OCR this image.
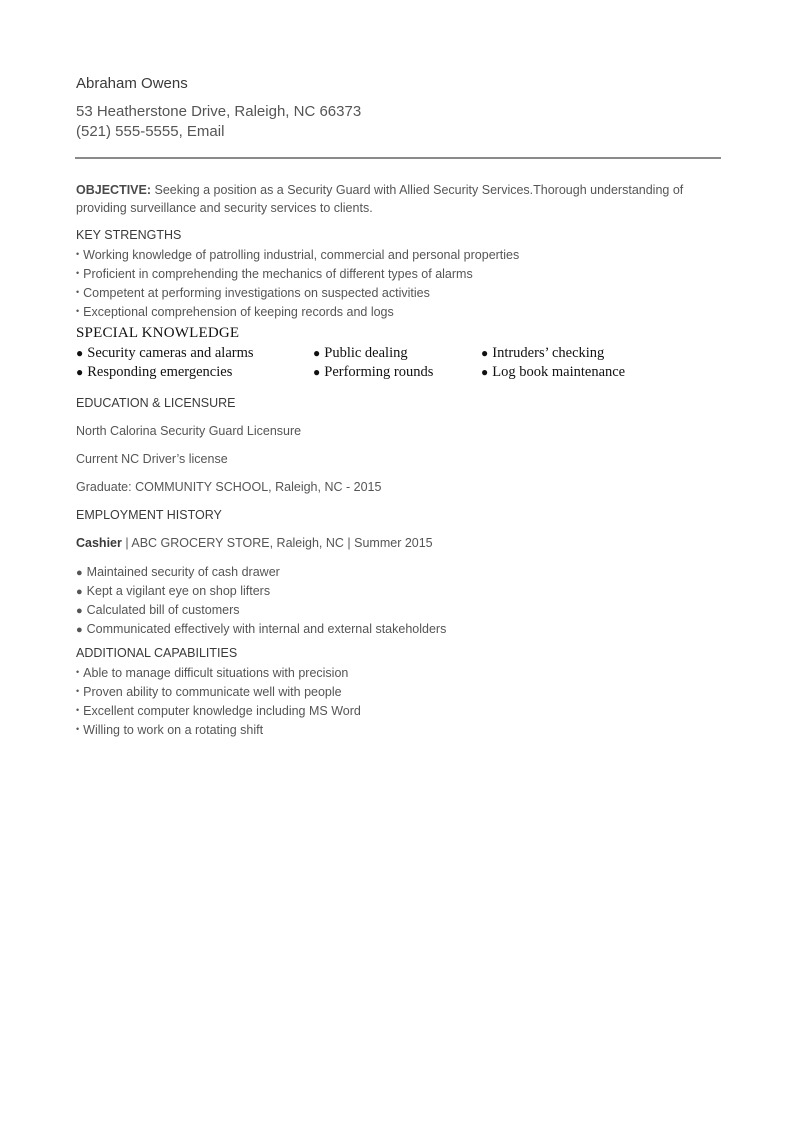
Abraham Owens
53 Heatherstone Drive, Raleigh, NC 66373
(521) 555-5555, Email
OBJECTIVE: Seeking a position as a Security Guard with Allied Security Services.Thorough understanding of providing surveillance and security services to clients.
KEY STRENGTHS
• Working knowledge of patrolling industrial, commercial and personal properties
• Proficient in comprehending the mechanics of different types of alarms
• Competent at performing investigations on suspected activities
• Exceptional comprehension of keeping records and logs
SPECIAL KNOWLEDGE
● Security cameras and alarms	● Public dealing	● Intruders’ checking
● Responding emergencies	● Performing rounds	● Log book maintenance
EDUCATION & LICENSURE
North Calorina Security Guard Licensure
Current NC Driver’s license
Graduate: COMMUNITY SCHOOL, Raleigh, NC - 2015
EMPLOYMENT HISTORY
Cashier | ABC GROCERY STORE, Raleigh, NC | Summer 2015
● Maintained security of cash drawer
● Kept a vigilant eye on shop lifters
● Calculated bill of customers
● Communicated effectively with internal and external stakeholders
ADDITIONAL CAPABILITIES
• Able to manage difficult situations with precision
• Proven ability to communicate well with people
• Excellent computer knowledge including MS Word
• Willing to work on a rotating shift
